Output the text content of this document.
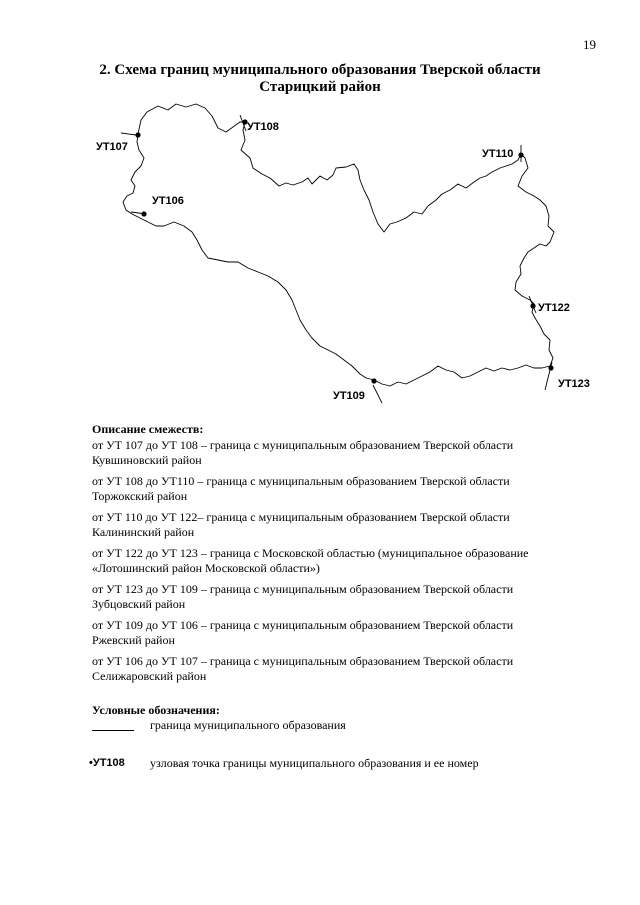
19
2. Схема границ муниципального образования Тверской области
Старицкий район
УТ107
УТ108
УТ110
УТ106
УТ122
УТ123
УТ109
Описание смежеств:
от УТ 107 до УТ 108 – граница с муниципальным образованием Тверской области
Кувшиновский район
от УТ 108 до УТ110 – граница с муниципальным образованием Тверской области
Торжокский район
от УТ 110 до УТ 122– граница с муниципальным образованием Тверской области
Калининский район
от УТ 122 до УТ 123 – граница с Московской областью (муниципальное образование
«Лотошинский район Московской области»)
от УТ 123 до УТ 109 – граница с муниципальным образованием Тверской области
Зубцовский район
от УТ 109 до УТ 106 – граница с муниципальным образованием Тверской области
Ржевский район
от УТ 106 до УТ 107 – граница с муниципальным образованием Тверской области
Селижаровский район
Условные обозначения:
граница муниципального образования
•УТ108 узловая точка границы муниципального образования и ее номер
